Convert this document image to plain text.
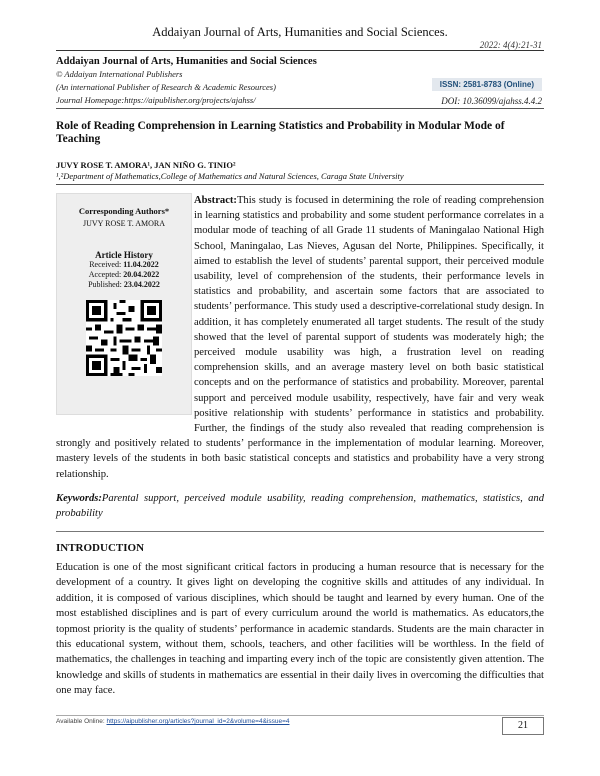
Addaiyan Journal of Arts, Humanities and Social Sciences.
2022: 4(4):21-31
Addaiyan Journal of Arts, Humanities and Social Sciences
© Addaiyan International Publishers
(An international Publisher of Research & Academic Resources)
Journal Homepage:https://aipublisher.org/projects/ajahss/
ISSN: 2581-8783 (Online)
DOI: 10.36099/ajahss.4.4.2
Role of Reading Comprehension in Learning Statistics and Probability in Modular Mode of Teaching
JUVY ROSE T. AMORA¹, JAN NIÑO G. TINIO²
¹,²Department of Mathematics,College of Mathematics and Natural Sciences, Caraga State University
Abstract:This study is focused in determining the role of reading comprehension in learning statistics and probability and some student performance correlates in a modular mode of teaching of all Grade 11 students of Maningalao National High School, Maningalao, Las Nieves, Agusan del Norte, Philippines. Specifically, it aimed to establish the level of students’ parental support, their perceived module usability, level of comprehension of the students, their performance levels in statistics and probability, and ascertain some factors that are associated to students’ performance. This study used a descriptive-correlational study design. In addition, it has completely enumerated all target students. The result of the study showed that the level of parental support of students was moderately high; the perceived module usability was high, a frustration level on reading comprehension skills, and an average mastery level on both basic statistical concepts and on the performance of statistics and probability. Moreover, parental support and perceived module usability, respectively, have fair and very weak positive relationship with students’ performance in statistics and probability. Further, the findings of the study also revealed that reading comprehension is strongly and positively related to students’ performance in the implementation of modular learning. Moreover, mastery levels of the students in both basic statistical concepts and statistics and probability have a very strong relationship.
Corresponding Authors*
JUVY ROSE T. AMORA
Article History
Received: 11.04.2022
Accepted: 20.04.2022
Published: 23.04.2022
Keywords:Parental support, perceived module usability, reading comprehension, mathematics, statistics, and probability
INTRODUCTION
Education is one of the most significant critical factors in producing a human resource that is necessary for the development of a country. It gives light on developing the cognitive skills and attitudes of any individual. In addition, it is composed of various disciplines, which should be taught and learned by every human. One of the most established disciplines and is part of every curriculum around the world is mathematics. As educators,the topmost priority is the quality of students’ performance in academic standards. Students are the main character in this educational system, without them, schools, teachers, and other facilities will be worthless. In the field of mathematics, the challenges in teaching and imparting every inch of the topic are consistently given attention. The knowledge and skills of students in mathematics are essential in their daily lives in overcoming the difficulties that one may face.
Available Online: https://aipublisher.org/articles?journal_id=2&volume=4&issue=4	21
